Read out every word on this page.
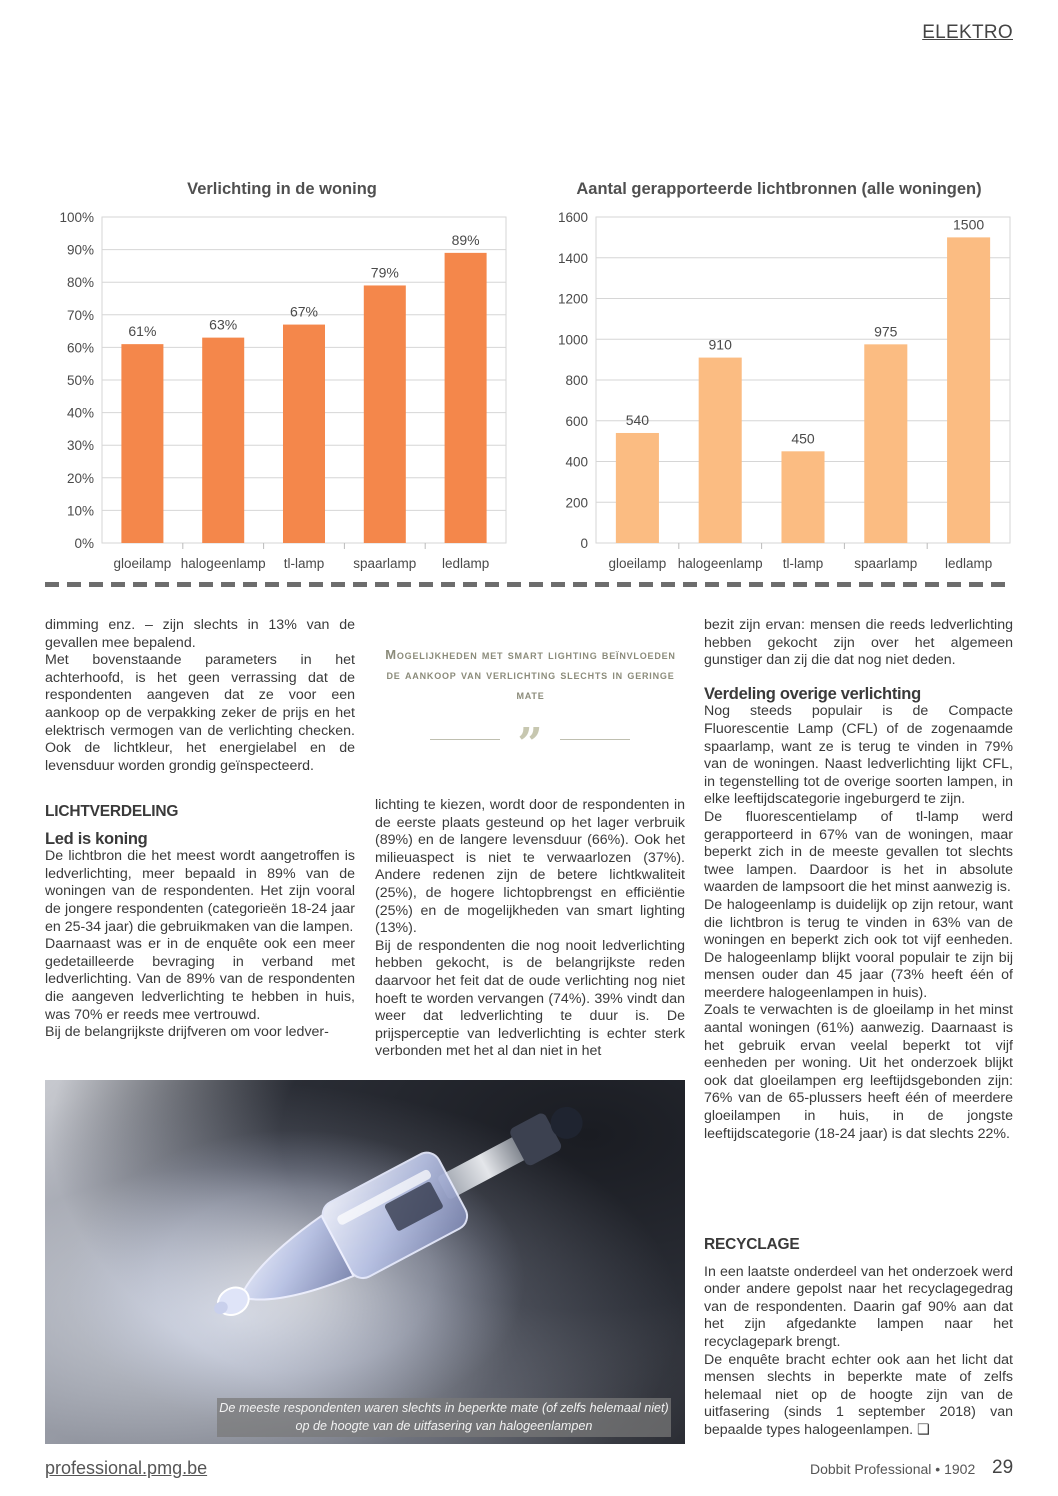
ELEKTRO
Verlichting in de woning
0%
10%
20%
30%
40%
50%
60%
70%
80%
90%
100%
61%
gloeilamp
63%
halogeenlamp
67%
tl-lamp
79%
spaarlamp
89%
ledlamp
Aantal gerapporteerde lichtbronnen (alle woningen)
0
200
400
600
800
1000
1200
1400
1600
540
gloeilamp
910
halogeenlamp
450
tl-lamp
975
spaarlamp
1500
ledlamp

dimming enz. – zijn slechts in 13% van de gevallen mee bepalend.

Met bovenstaande parameters in het achterhoofd, is het geen verrassing dat de respondenten aangeven dat ze voor een aankoop op de verpakking zeker de prijs en het elektrisch vermogen van de verlichting checken. Ook de lichtkleur, het energielabel en de levensduur worden grondig geïnspecteerd.

LICHTVERDELING
Led is koning

De lichtbron die het meest wordt aangetroffen is ledverlichting, meer bepaald in 89% van de woningen van de respondenten. Het zijn vooral de jongere respondenten (categorieën 18-24 jaar en 25-34 jaar) die gebruikmaken van die lampen.

Daarnaast was er in de enquête ook een meer gedetailleerde bevraging in verband met ledverlichting. Van de 89% van de respondenten die aangeven ledverlichting te hebben in huis, was 70% er reeds mee vertrouwd.

Bij de belangrijkste drijfveren om voor ledver-

Mogelijkheden met smart lighting beïnvloeden de aankoop van verlichting slechts in geringe mate
”

lichting te kiezen, wordt door de respondenten in de eerste plaats gesteund op het lager verbruik (89%) en de langere levensduur (66%). Ook het milieuaspect is niet te verwaarlozen (37%). Andere redenen zijn de betere lichtkwaliteit (25%), de hogere lichtopbrengst en efficiëntie (25%) en de mogelijkheden van smart lighting (13%).

Bij de respondenten die nog nooit ledverlichting hebben gekocht, is de belangrijkste reden daarvoor het feit dat de oude verlichting nog niet hoeft te worden vervangen (74%). 39% vindt dan weer dat ledverlichting te duur is. De prijsperceptie van ledverlichting is echter sterk verbonden met het al dan niet in het

bezit zijn ervan: mensen die reeds ledverlichting hebben gekocht zijn over het algemeen gunstiger dan zij die dat nog niet deden.

Verdeling overige verlichting

Nog steeds populair is de Compacte Fluorescentie Lamp (CFL) of de zogenaamde spaarlamp, want ze is terug te vinden in 79% van de woningen. Naast ledverlichting lijkt CFL, in tegenstelling tot de overige soorten lampen, in elke leeftijdscategorie ingeburgerd te zijn.

De fluorescentielamp of tl-lamp werd gerapporteerd in 67% van de woningen, maar beperkt zich in de meeste gevallen tot slechts twee lampen. Daardoor is het in absolute waarden de lampsoort die het minst aanwezig is.

De halogeenlamp is duidelijk op zijn retour, want die lichtbron is terug te vinden in 63% van de woningen en beperkt zich ook tot vijf eenheden. De halogeenlamp blijkt vooral populair te zijn bij mensen ouder dan 45 jaar (73% heeft één of meerdere halogeenlampen in huis).

Zoals te verwachten is de gloeilamp in het minst aantal woningen (61%) aanwezig. Daarnaast is het gebruik ervan veelal beperkt tot vijf eenheden per woning. Uit het onderzoek blijkt ook dat gloeilampen erg leeftijdsgebonden zijn: 76% van de 65-plussers heeft één of meerdere gloeilampen in huis, in de jongste leeftijdscategorie (18-24 jaar) is dat slechts 22%.

RECYCLAGE

In een laatste onderdeel van het onderzoek werd onder andere gepolst naar het recyclagegedrag van de respondenten. Daarin gaf 90% aan dat het zijn afgedankte lampen naar het recyclagepark brengt.

De enquête bracht echter ook aan het licht dat mensen slechts in beperkte mate of zelfs helemaal niet op de hoogte zijn van de uitfasering (sinds 1 september 2018) van bepaalde types halogeenlampen. ❑

De meeste respondenten waren slechts in beperkte mate (of zelfs helemaal niet) op de hoogte van de uitfasering van halogeenlampen
professional.pmg.be	Dobbit Professional • 1902 29
